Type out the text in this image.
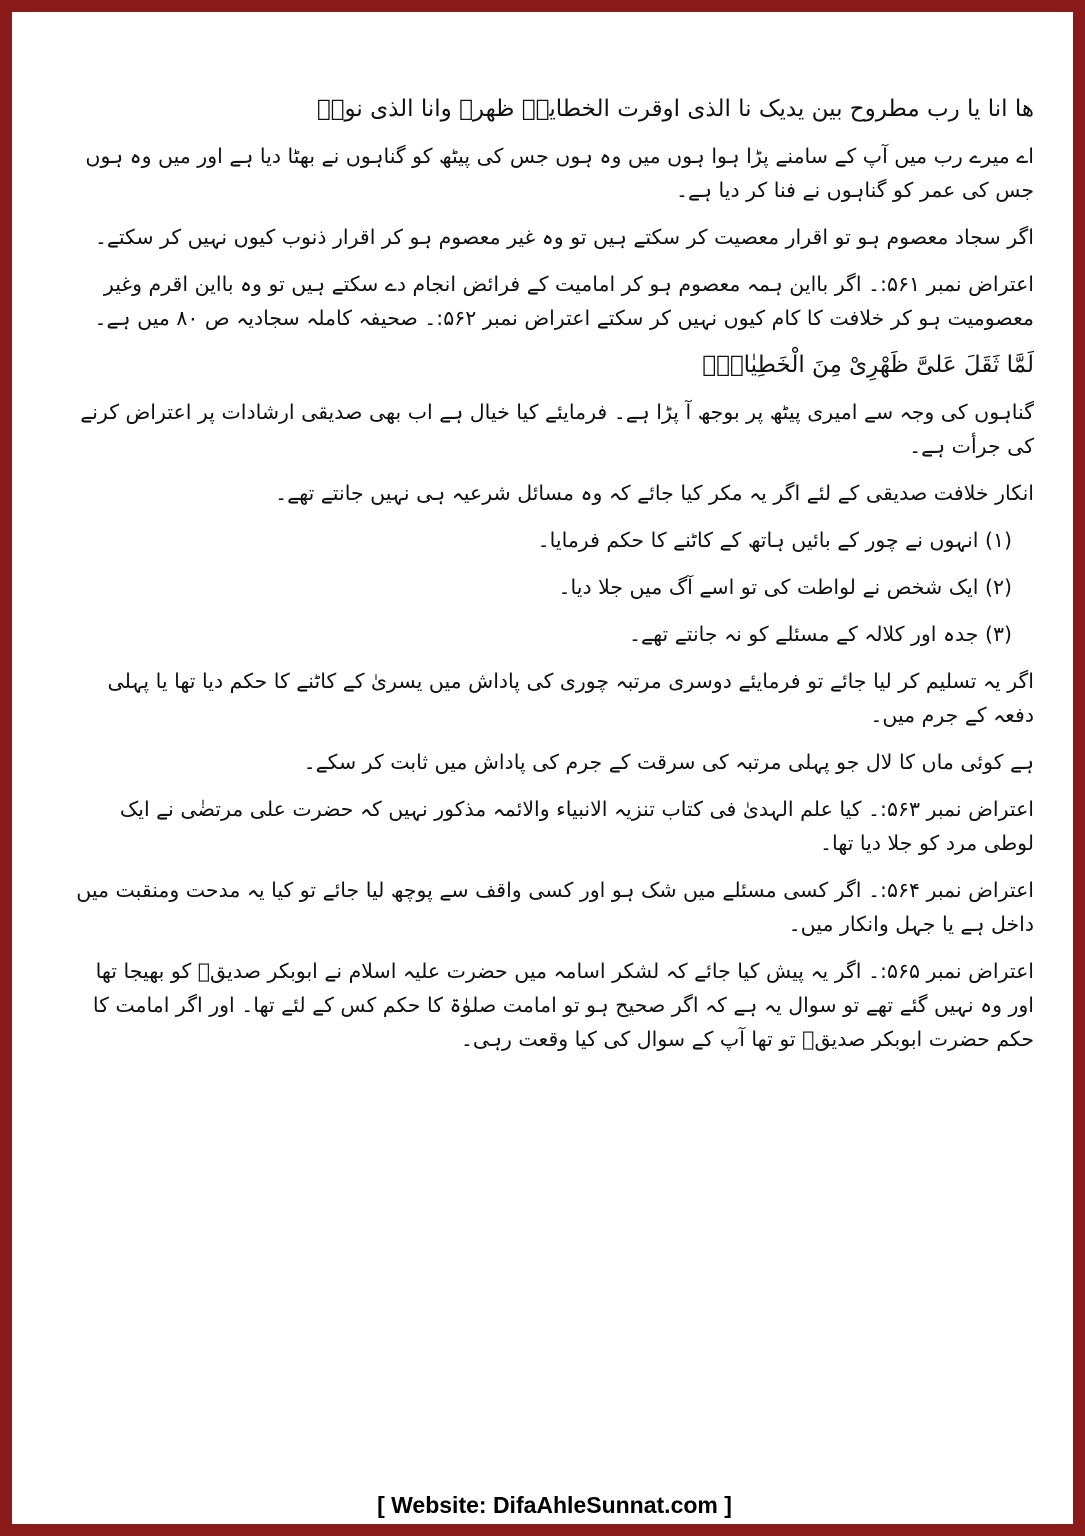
ھا انا یا رب مطروح بین یدیک نا الذی اوقرت الخطایاؐ ظھرہ وانا الذی نوبؐ

اے میرے رب میں آپ کے سامنے پڑا ہوا ہوں میں وہ ہوں جس کی پیٹھ کو گناہوں نے بھٹا دیا ہے اور میں وہ ہوں جس کی عمر کو گناہوں نے فنا کر دیا ہے۔

اگر سجاد معصوم ہو تو اقرار معصیت کر سکتے ہیں تو وہ غیر معصوم ہو کر اقرار ذنوب کیوں نہیں کر سکتے۔

اعتراض نمبر ۵۶۱:۔ اگر بااین ہمہ معصوم ہو کر امامیت کے فرائض انجام دے سکتے ہیں تو وہ بااین اقرم وغیر معصومیت ہو کر خلافت کا کام کیوں نہیں کر سکتے اعتراض نمبر ۵۶۲:۔ صحیفہ کاملہ سجادیہ ص ۸۰ میں ہے۔

لَمَّا ثَقَلَ عَلیَّ ظَهْرِیْ مِنَ الْخَطِیٰاتِؐ

گناہوں کی وجہ سے امیری پیٹھ پر بوجھ آ پڑا ہے۔ فرمایئے کیا خیال ہے اب بھی صدیقی ارشادات پر اعتراض کرنے کی جرأت ہے۔

انکار خلافت صدیقی کے لئے اگر یہ مکر کیا جائے کہ وہ مسائل شرعیہ ہی نہیں جانتے تھے۔

(۱) انہوں نے چور کے بائیں ہاتھ کے کاٹنے کا حکم فرمایا۔

(۲) ایک شخص نے لواطت کی تو اسے آگ میں جلا دیا۔

(۳) جدہ اور کلالہ کے مسئلے کو نہ جانتے تھے۔

اگر یہ تسلیم کر لیا جائے تو فرمایئے دوسری مرتبہ چوری کی پاداش میں یسریٰ کے کاٹنے کا حکم دیا تھا یا پہلی دفعہ کے جرم میں۔

ہے کوئی ماں کا لال جو پہلی مرتبہ کی سرقت کے جرم کی پاداش میں ثابت کر سکے۔

اعتراض نمبر ۵۶۳:۔ کیا علم الہدیٰ فی کتاب تنزیہ الانبیاء والائمہ مذکور نہیں کہ حضرت علی مرتضٰی نے ایک لوطی مرد کو جلا دیا تھا۔

اعتراض نمبر ۵۶۴:۔ اگر کسی مسئلے میں شک ہو اور کسی واقف سے پوچھ لیا جائے تو کیا یہ مدحت ومنقبت میں داخل ہے یا جہل وانکار میں۔

اعتراض نمبر ۵۶۵:۔ اگر یہ پیش کیا جائے کہ لشکر اسامہ میں حضرت علیہ اسلام نے ابوبکر صدیقؓ کو بھیجا تھا اور وہ نہیں گئے تھے تو سوال یہ ہے کہ اگر صحیح ہو تو امامت صلوٰۃ کا حکم کس کے لئے تھا۔ اور اگر امامت کا حکم حضرت ابوبکر صدیقؓ تو تھا آپ کے سوال کی کیا وقعت رہی۔

[ Website: DifaAhleSunnat.com ]
